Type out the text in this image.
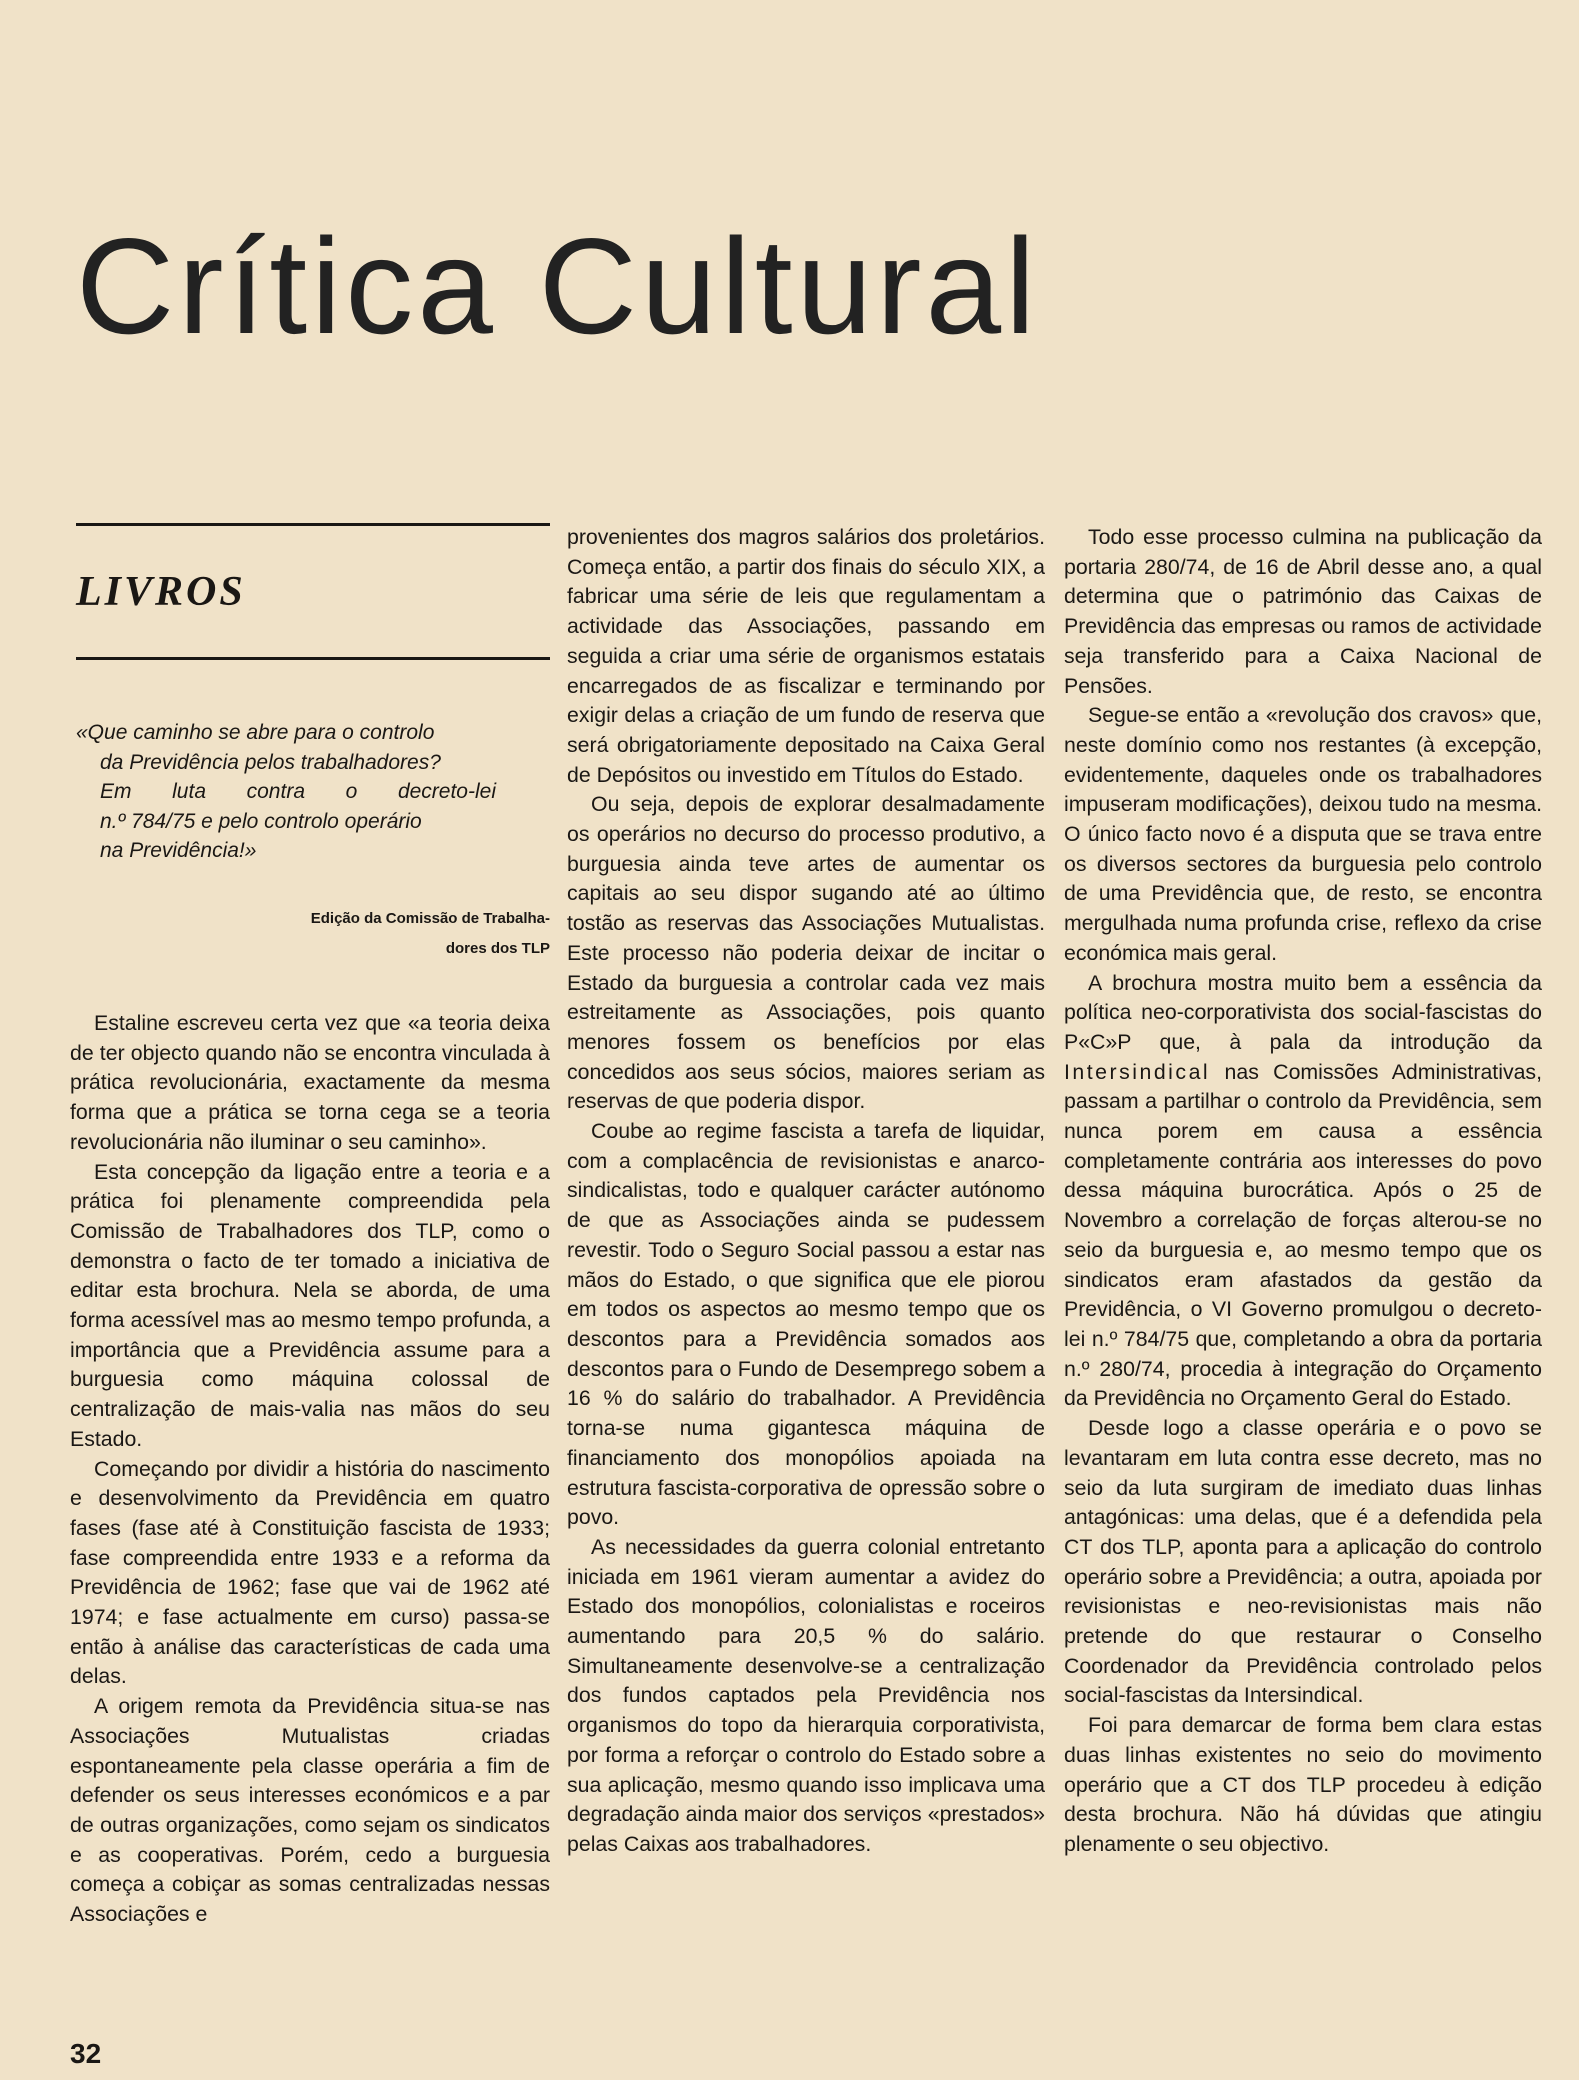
Crítica Cultural
LIVROS

«Que caminho se abre para o controlo
da Previdência pelos trabalhadores?
Em luta contra o decreto-lei
n.º 784/75 e pelo controlo operário
na Previdência!»

Edição da Comissão de Trabalha-
dores dos TLP

Estaline escreveu certa vez que «a teoria deixa de ter objecto quando não se encontra vinculada à prática revolucionária, exactamente da mesma forma que a prática se torna cega se a teoria revolucionária não iluminar o seu caminho».

Esta concepção da ligação entre a teoria e a prática foi plenamente compreendida pela Comissão de Trabalhadores dos TLP, como o demonstra o facto de ter tomado a iniciativa de editar esta brochura. Nela se aborda, de uma forma acessível mas ao mesmo tempo profunda, a importância que a Previdência assume para a burguesia como máquina colossal de centralização de mais-valia nas mãos do seu Estado.

Começando por dividir a história do nascimento e desenvolvimento da Previdência em quatro fases (fase até à Constituição fascista de 1933; fase compreendida entre 1933 e a reforma da Previdência de 1962; fase que vai de 1962 até 1974; e fase actualmente em curso) passa-se então à análise das características de cada uma delas.

A origem remota da Previdência situa-se nas Associações Mutualistas criadas espontaneamente pela classe operária a fim de defender os seus interesses económicos e a par de outras organizações, como sejam os sindicatos e as cooperativas. Porém, cedo a burguesia começa a cobiçar as somas centralizadas nessas Associações e

provenientes dos magros salários dos proletários. Começa então, a partir dos finais do século XIX, a fabricar uma série de leis que regulamentam a actividade das Associações, passando em seguida a criar uma série de organismos estatais encarregados de as fiscalizar e terminando por exigir delas a criação de um fundo de reserva que será obrigatoriamente depositado na Caixa Geral de Depósitos ou investido em Títulos do Estado.

Ou seja, depois de explorar desalmadamente os operários no decurso do processo produtivo, a burguesia ainda teve artes de aumentar os capitais ao seu dispor sugando até ao último tostão as reservas das Associações Mutualistas. Este processo não poderia deixar de incitar o Estado da burguesia a controlar cada vez mais estreitamente as Associações, pois quanto menores fossem os benefícios por elas concedidos aos seus sócios, maiores seriam as reservas de que poderia dispor.

Coube ao regime fascista a tarefa de liquidar, com a complacência de revisionistas e anarco-sindicalistas, todo e qualquer carácter autónomo de que as Associações ainda se pudessem revestir. Todo o Seguro Social passou a estar nas mãos do Estado, o que significa que ele piorou em todos os aspectos ao mesmo tempo que os descontos para a Previdência somados aos descontos para o Fundo de Desemprego sobem a 16 % do salário do trabalhador. A Previdência torna-se numa gigantesca máquina de financiamento dos monopólios apoiada na estrutura fascista-corporativa de opressão sobre o povo.

As necessidades da guerra colonial entretanto iniciada em 1961 vieram aumentar a avidez do Estado dos monopólios, colonialistas e roceiros aumentando para 20,5 % do salário. Simultaneamente desenvolve-se a centralização dos fundos captados pela Previdência nos organismos do topo da hierarquia corporativista, por forma a reforçar o controlo do Estado sobre a sua aplicação, mesmo quando isso implicava uma degradação ainda maior dos serviços «prestados» pelas Caixas aos trabalhadores.

Todo esse processo culmina na publicação da portaria 280/74, de 16 de Abril desse ano, a qual determina que o património das Caixas de Previdência das empresas ou ramos de actividade seja transferido para a Caixa Nacional de Pensões.

Segue-se então a «revolução dos cravos» que, neste domínio como nos restantes (à excepção, evidentemente, daqueles onde os trabalhadores impuseram modificações), deixou tudo na mesma. O único facto novo é a disputa que se trava entre os diversos sectores da burguesia pelo controlo de uma Previdência que, de resto, se encontra mergulhada numa profunda crise, reflexo da crise económica mais geral.

A brochura mostra muito bem a essência da política neo-corporativista dos social-fascistas do P«C»P que, à pala da introdução da Intersindical nas Comissões Administrativas, passam a partilhar o controlo da Previdência, sem nunca porem em causa a essência completamente contrária aos interesses do povo dessa máquina burocrática. Após o 25 de Novembro a correlação de forças alterou-se no seio da burguesia e, ao mesmo tempo que os sindicatos eram afastados da gestão da Previdência, o VI Governo promulgou o decreto-lei n.º 784/75 que, completando a obra da portaria n.º 280/74, procedia à integração do Orçamento da Previdência no Orçamento Geral do Estado.

Desde logo a classe operária e o povo se levantaram em luta contra esse decreto, mas no seio da luta surgiram de imediato duas linhas antagónicas: uma delas, que é a defendida pela CT dos TLP, aponta para a aplicação do controlo operário sobre a Previdência; a outra, apoiada por revisionistas e neo-revisionistas mais não pretende do que restaurar o Conselho Coordenador da Previdência controlado pelos social-fascistas da Intersindical.

Foi para demarcar de forma bem clara estas duas linhas existentes no seio do movimento operário que a CT dos TLP procedeu à edição desta brochura. Não há dúvidas que atingiu plenamente o seu objectivo.

32
